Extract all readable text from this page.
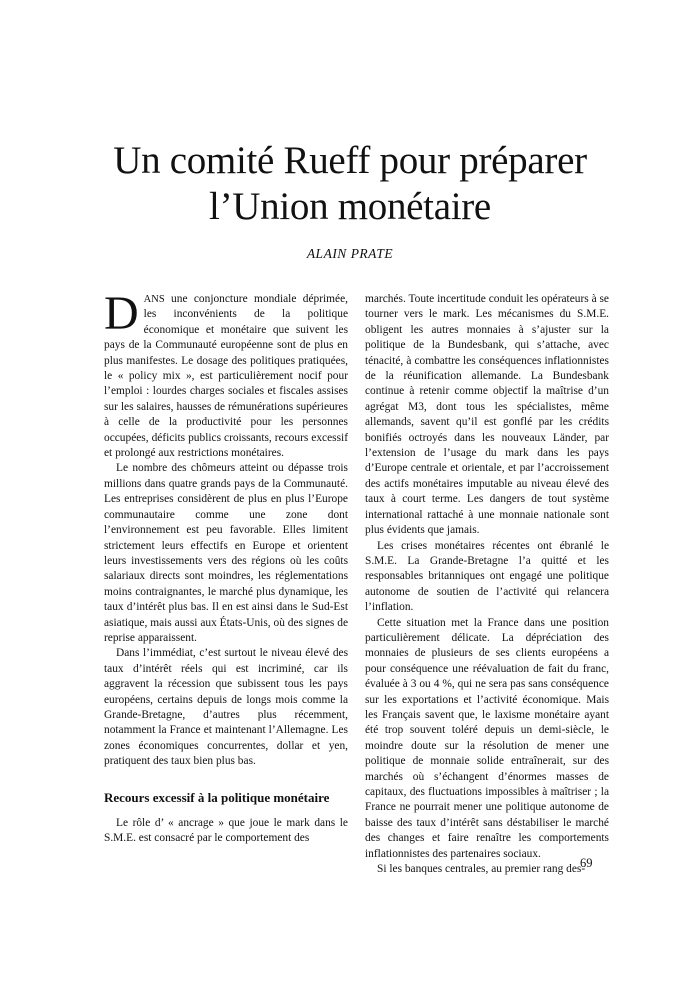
Un comité Rueff pour préparer
l’Union monétaire
ALAIN PRATE

DANS une conjoncture mondiale déprimée, les inconvénients de la politique économique et monétaire que suivent les pays de la Communauté européenne sont de plus en plus manifestes. Le dosage des politiques pratiquées, le « policy mix », est particulièrement nocif pour l’emploi : lourdes charges sociales et fiscales assises sur les salaires, hausses de rémunérations supérieures à celle de la productivité pour les personnes occupées, déficits publics croissants, recours excessif et prolongé aux restrictions monétaires.

Le nombre des chômeurs atteint ou dépasse trois millions dans quatre grands pays de la Communauté. Les entreprises considèrent de plus en plus l’Europe communautaire comme une zone dont l’environnement est peu favorable. Elles limitent strictement leurs effectifs en Europe et orientent leurs investissements vers des régions où les coûts salariaux directs sont moindres, les réglementations moins contraignantes, le marché plus dynamique, les taux d’intérêt plus bas. Il en est ainsi dans le Sud-Est asiatique, mais aussi aux États-Unis, où des signes de reprise apparaissent.

Dans l’immédiat, c’est surtout le niveau élevé des taux d’intérêt réels qui est incriminé, car ils aggravent la récession que subissent tous les pays européens, certains depuis de longs mois comme la Grande-Bretagne, d’autres plus récemment, notamment la France et maintenant l’Allemagne. Les zones économiques concurrentes, dollar et yen, pratiquent des taux bien plus bas.

Recours excessif à la politique monétaire

Le rôle d’ « ancrage » que joue le mark dans le S.M.E. est consacré par le comportement des

marchés. Toute incertitude conduit les opérateurs à se tourner vers le mark. Les mécanismes du S.M.E. obligent les autres monnaies à s’ajuster sur la politique de la Bundesbank, qui s’attache, avec ténacité, à combattre les conséquences inflationnistes de la réunification allemande. La Bundesbank continue à retenir comme objectif la maîtrise d’un agrégat M3, dont tous les spécialistes, même allemands, savent qu’il est gonflé par les crédits bonifiés octroyés dans les nouveaux Länder, par l’extension de l’usage du mark dans les pays d’Europe centrale et orientale, et par l’accroissement des actifs monétaires imputable au niveau élevé des taux à court terme. Les dangers de tout système international rattaché à une monnaie nationale sont plus évidents que jamais.

Les crises monétaires récentes ont ébranlé le S.M.E. La Grande-Bretagne l’a quitté et les responsables britanniques ont engagé une politique autonome de soutien de l’activité qui relancera l’inflation.

Cette situation met la France dans une position particulièrement délicate. La dépréciation des monnaies de plusieurs de ses clients européens a pour conséquence une réévaluation de fait du franc, évaluée à 3 ou 4 %, qui ne sera pas sans conséquence sur les exportations et l’activité économique. Mais les Français savent que, le laxisme monétaire ayant été trop souvent toléré depuis un demi-siècle, le moindre doute sur la résolution de mener une politique de monnaie solide entraînerait, sur des marchés où s’échangent d’énormes masses de capitaux, des fluctuations impossibles à maîtriser ; la France ne pourrait mener une politique autonome de baisse des taux d’intérêt sans déstabiliser le marché des changes et faire renaître les comportements inflationnistes des partenaires sociaux.

Si les banques centrales, au premier rang des-

69
